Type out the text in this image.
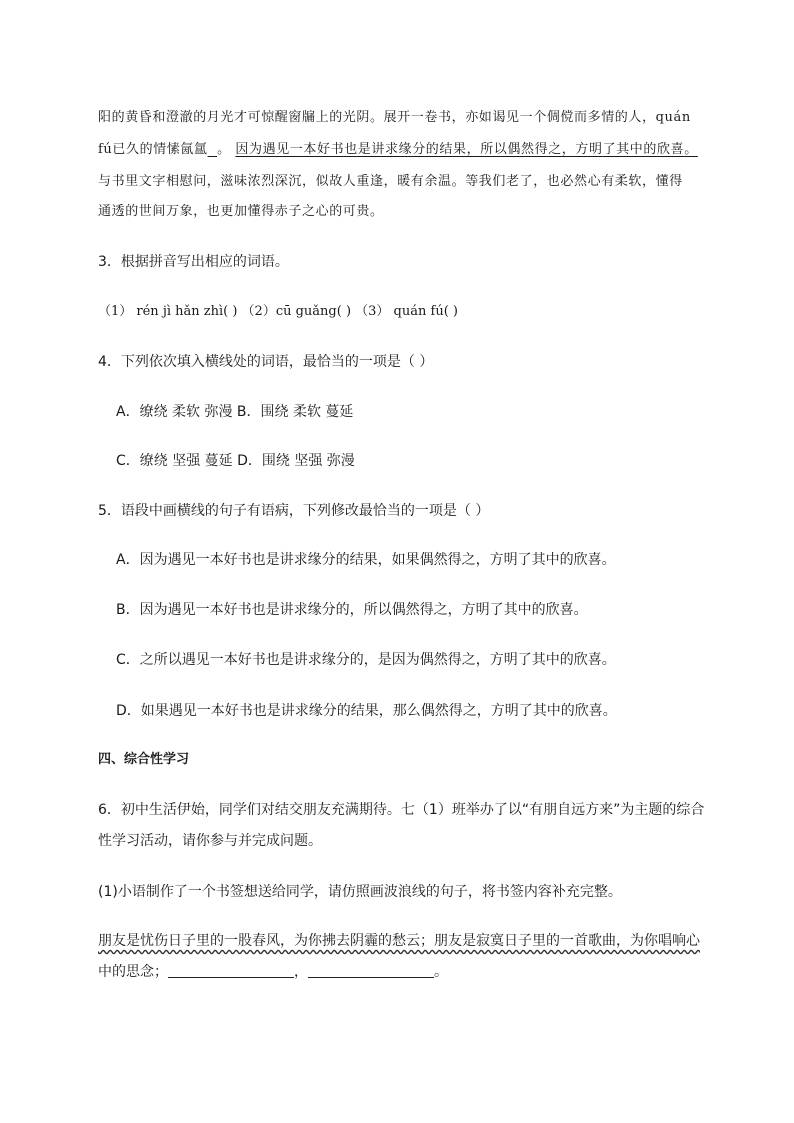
阳的黄昏和澄澈的月光才可惊醒窗牖上的光阴。展开一卷书，亦如谒见一个倜傥而多情的人，quán
fú已久的情愫氤氲 。 因为遇见一本好书也是讲求缘分的结果，所以偶然得之，方明了其中的欣喜。
与书里文字相慰问，滋味浓烈深沉，似故人重逢，暖有余温。等我们老了，也必然心有柔软，懂得
通透的世间万象，也更加懂得赤子之心的可贵。
3．根据拼音写出相应的词语。
（1） rén jì hǎn zhì( ) （2）cū guǎng( ) （3） quán fú( )
4．下列依次填入横线处的词语，最恰当的一项是（ ）
A．缭绕 柔软 弥漫 B．围绕 柔软 蔓延
C．缭绕 坚强 蔓延 D．围绕 坚强 弥漫
5．语段中画横线的句子有语病，下列修改最恰当的一项是（ ）
A．因为遇见一本好书也是讲求缘分的结果，如果偶然得之，方明了其中的欣喜。
B．因为遇见一本好书也是讲求缘分的，所以偶然得之，方明了其中的欣喜。
C．之所以遇见一本好书也是讲求缘分的，是因为偶然得之，方明了其中的欣喜。
D．如果遇见一本好书也是讲求缘分的结果，那么偶然得之，方明了其中的欣喜。
四、综合性学习
6．初中生活伊始，同学们对结交朋友充满期待。七（1）班举办了以“有朋自远方来”为主题的综合
性学习活动，请你参与并完成问题。
(1)小语制作了一个书签想送给同学，请仿照画波浪线的句子，将书签内容补充完整。
朋友是忧伤日子里的一股春风，为你拂去阴霾的愁云；朋友是寂寞日子里的一首歌曲，为你唱响心
中的思念；	，	。
